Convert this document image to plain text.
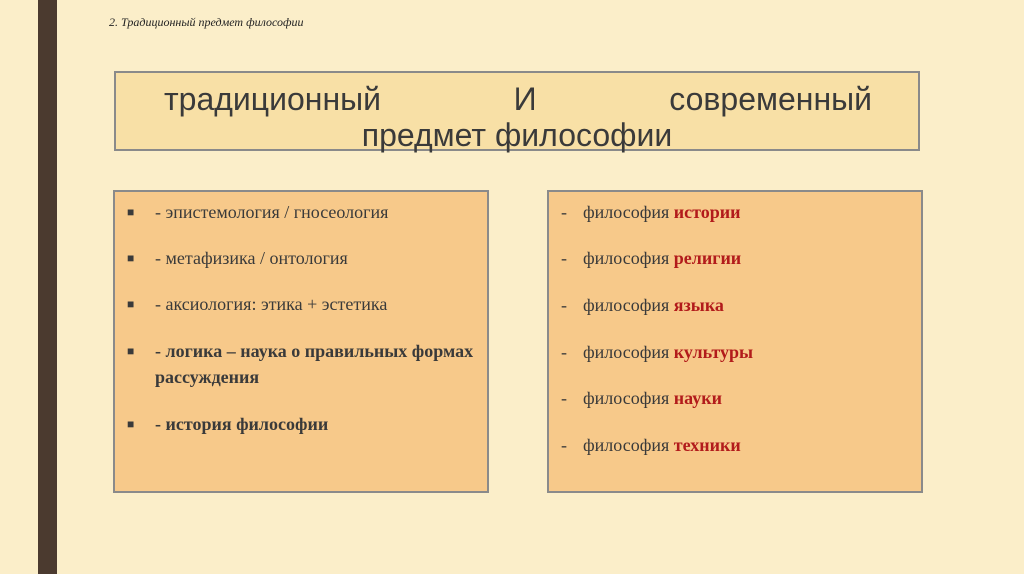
2. Традиционный предмет философии
традиционный	И	современный
предмет философии
■	- эпистемология / гносеология
■	- метафизика / онтология
■	- аксиология: этика + эстетика
■	- логика – наука о правильных формах рассуждения
■	- история философии
- философия истории
- философия религии
- философия языка
- философия культуры
- философия науки
- философия техники
